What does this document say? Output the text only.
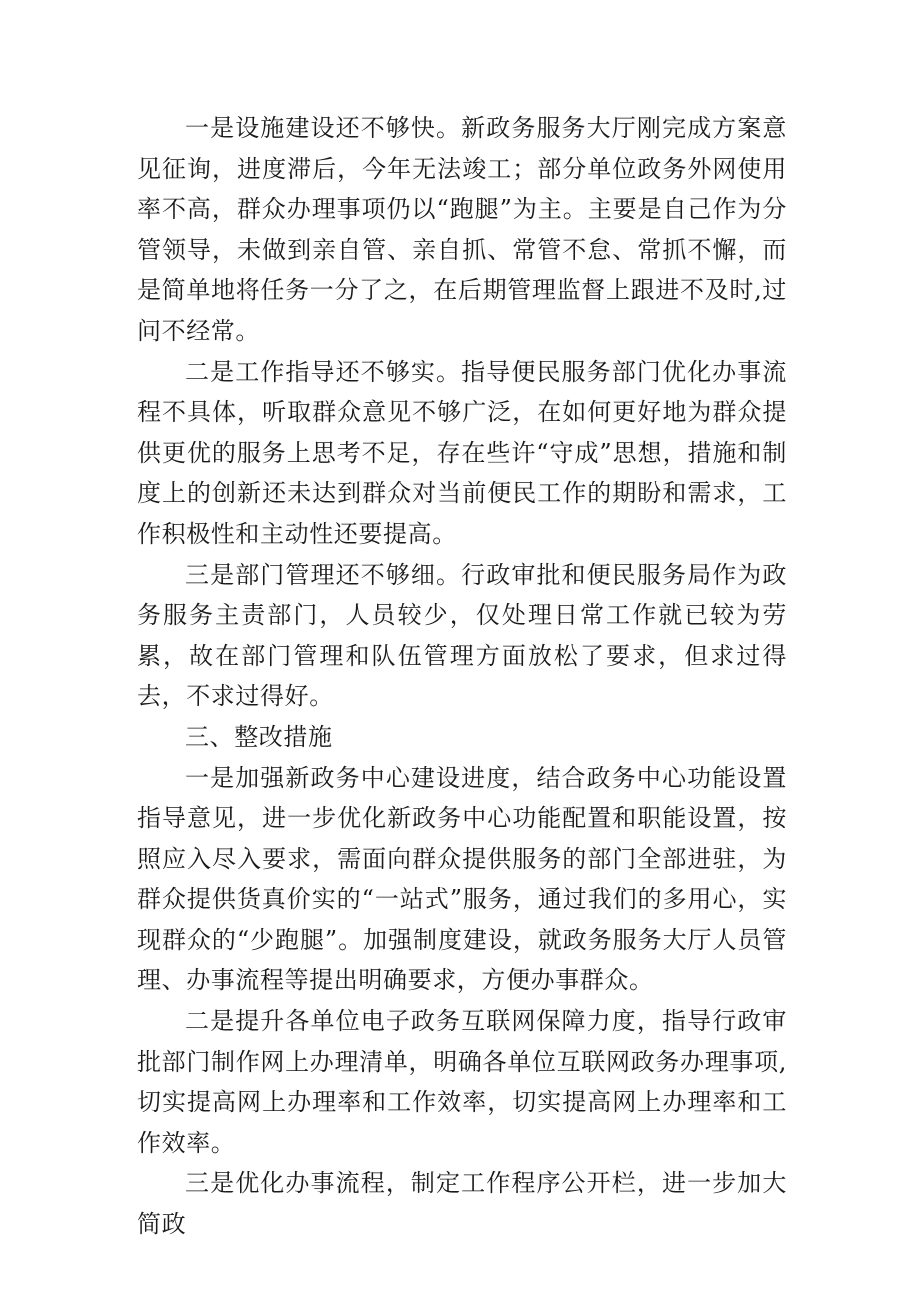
一是设施建设还不够快。新政务服务大厅刚完成方案意见征询，进度滞后，今年无法竣工；部分单位政务外网使用率不高，群众办理事项仍以“跑腿”为主。主要是自己作为分管领导，未做到亲自管、亲自抓、常管不怠、常抓不懈，而是简单地将任务一分了之，在后期管理监督上跟进不及时,过问不经常。

二是工作指导还不够实。指导便民服务部门优化办事流程不具体，听取群众意见不够广泛，在如何更好地为群众提供更优的服务上思考不足，存在些许“守成”思想，措施和制度上的创新还未达到群众对当前便民工作的期盼和需求，工作积极性和主动性还要提高。

三是部门管理还不够细。行政审批和便民服务局作为政务服务主责部门，人员较少，仅处理日常工作就已较为劳累，故在部门管理和队伍管理方面放松了要求，但求过得去，不求过得好。

三、整改措施

一是加强新政务中心建设进度，结合政务中心功能设置指导意见，进一步优化新政务中心功能配置和职能设置，按照应入尽入要求，需面向群众提供服务的部门全部进驻，为群众提供货真价实的“一站式”服务，通过我们的多用心，实现群众的“少跑腿”。加强制度建设，就政务服务大厅人员管理、办事流程等提出明确要求，方便办事群众。

二是提升各单位电子政务互联网保障力度，指导行政审批部门制作网上办理清单，明确各单位互联网政务办理事项,切实提高网上办理率和工作效率，切实提高网上办理率和工作效率。

三是优化办事流程，制定工作程序公开栏，进一步加大简政
